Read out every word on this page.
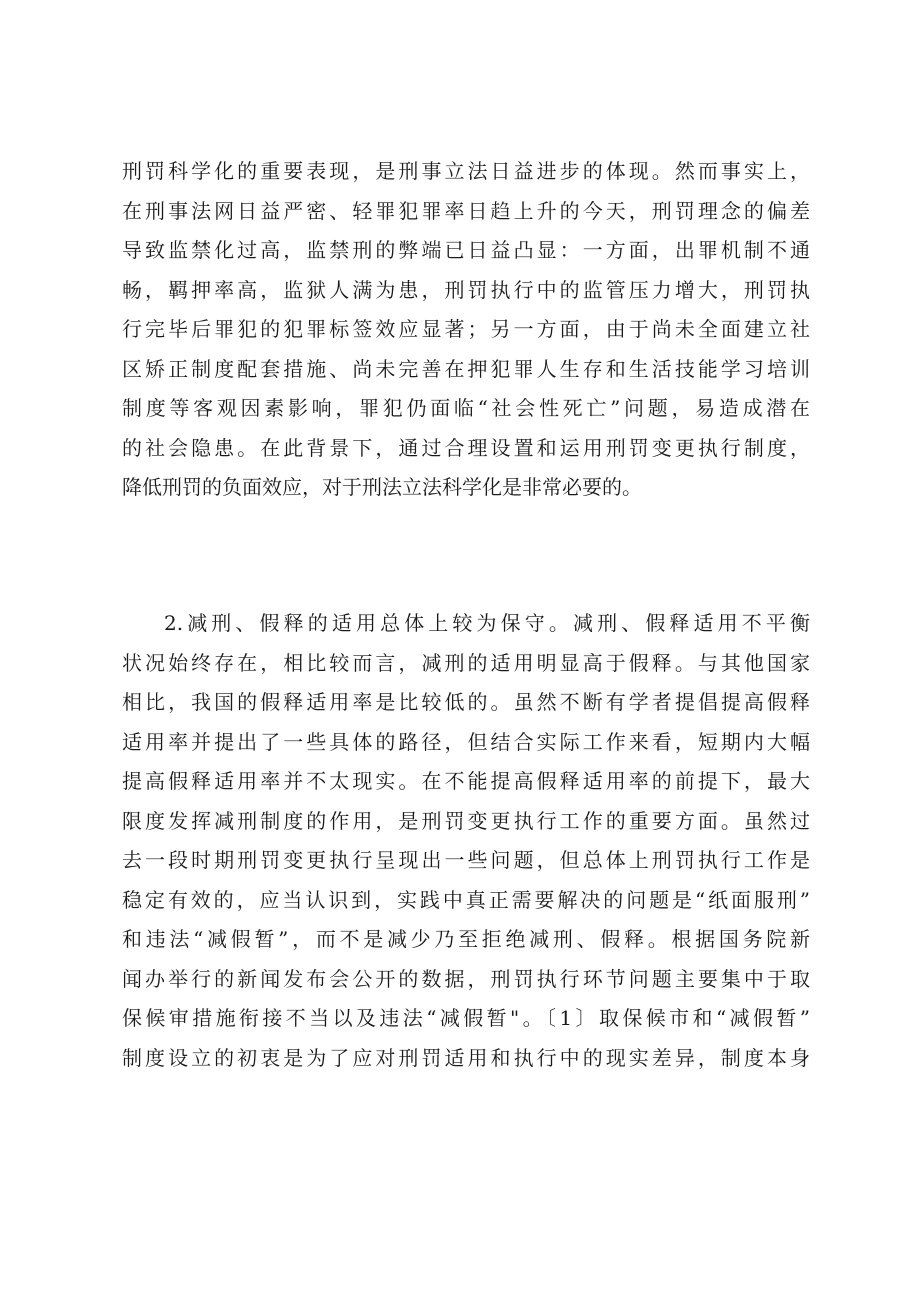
刑罚科学化的重要表现，是刑事立法日益进步的体现。然而事实上，
在刑事法网日益严密、轻罪犯罪率日趋上升的今天，刑罚理念的偏差
导致监禁化过高，监禁刑的弊端已日益凸显：一方面，出罪机制不通
畅，羁押率高，监狱人满为患，刑罚执行中的监管压力增大，刑罚执
行完毕后罪犯的犯罪标签效应显著；另一方面，由于尚未全面建立社
区矫正制度配套措施、尚未完善在押犯罪人生存和生活技能学习培训
制度等客观因素影响，罪犯仍面临“社会性死亡”问题，易造成潜在
的社会隐患。在此背景下，通过合理设置和运用刑罚变更执行制度，
降低刑罚的负面效应，对于刑法立法科学化是非常必要的。
2.减刑、假释的适用总体上较为保守。减刑、假释适用不平衡
状况始终存在，相比较而言，减刑的适用明显高于假释。与其他国家
相比，我国的假释适用率是比较低的。虽然不断有学者提倡提高假释
适用率并提出了一些具体的路径，但结合实际工作来看，短期内大幅
提高假释适用率并不太现实。在不能提高假释适用率的前提下，最大
限度发挥减刑制度的作用，是刑罚变更执行工作的重要方面。虽然过
去一段时期刑罚变更执行呈现出一些问题，但总体上刑罚执行工作是
稳定有效的，应当认识到，实践中真正需要解决的问题是“纸面服刑”
和违法“减假暂”，而不是减少乃至拒绝减刑、假释。根据国务院新
闻办举行的新闻发布会公开的数据，刑罚执行环节问题主要集中于取
保候审措施衔接不当以及违法“减假暂"。〔1〕取保候市和“减假暂”
制度设立的初衷是为了应对刑罚适用和执行中的现实差异，制度本身
